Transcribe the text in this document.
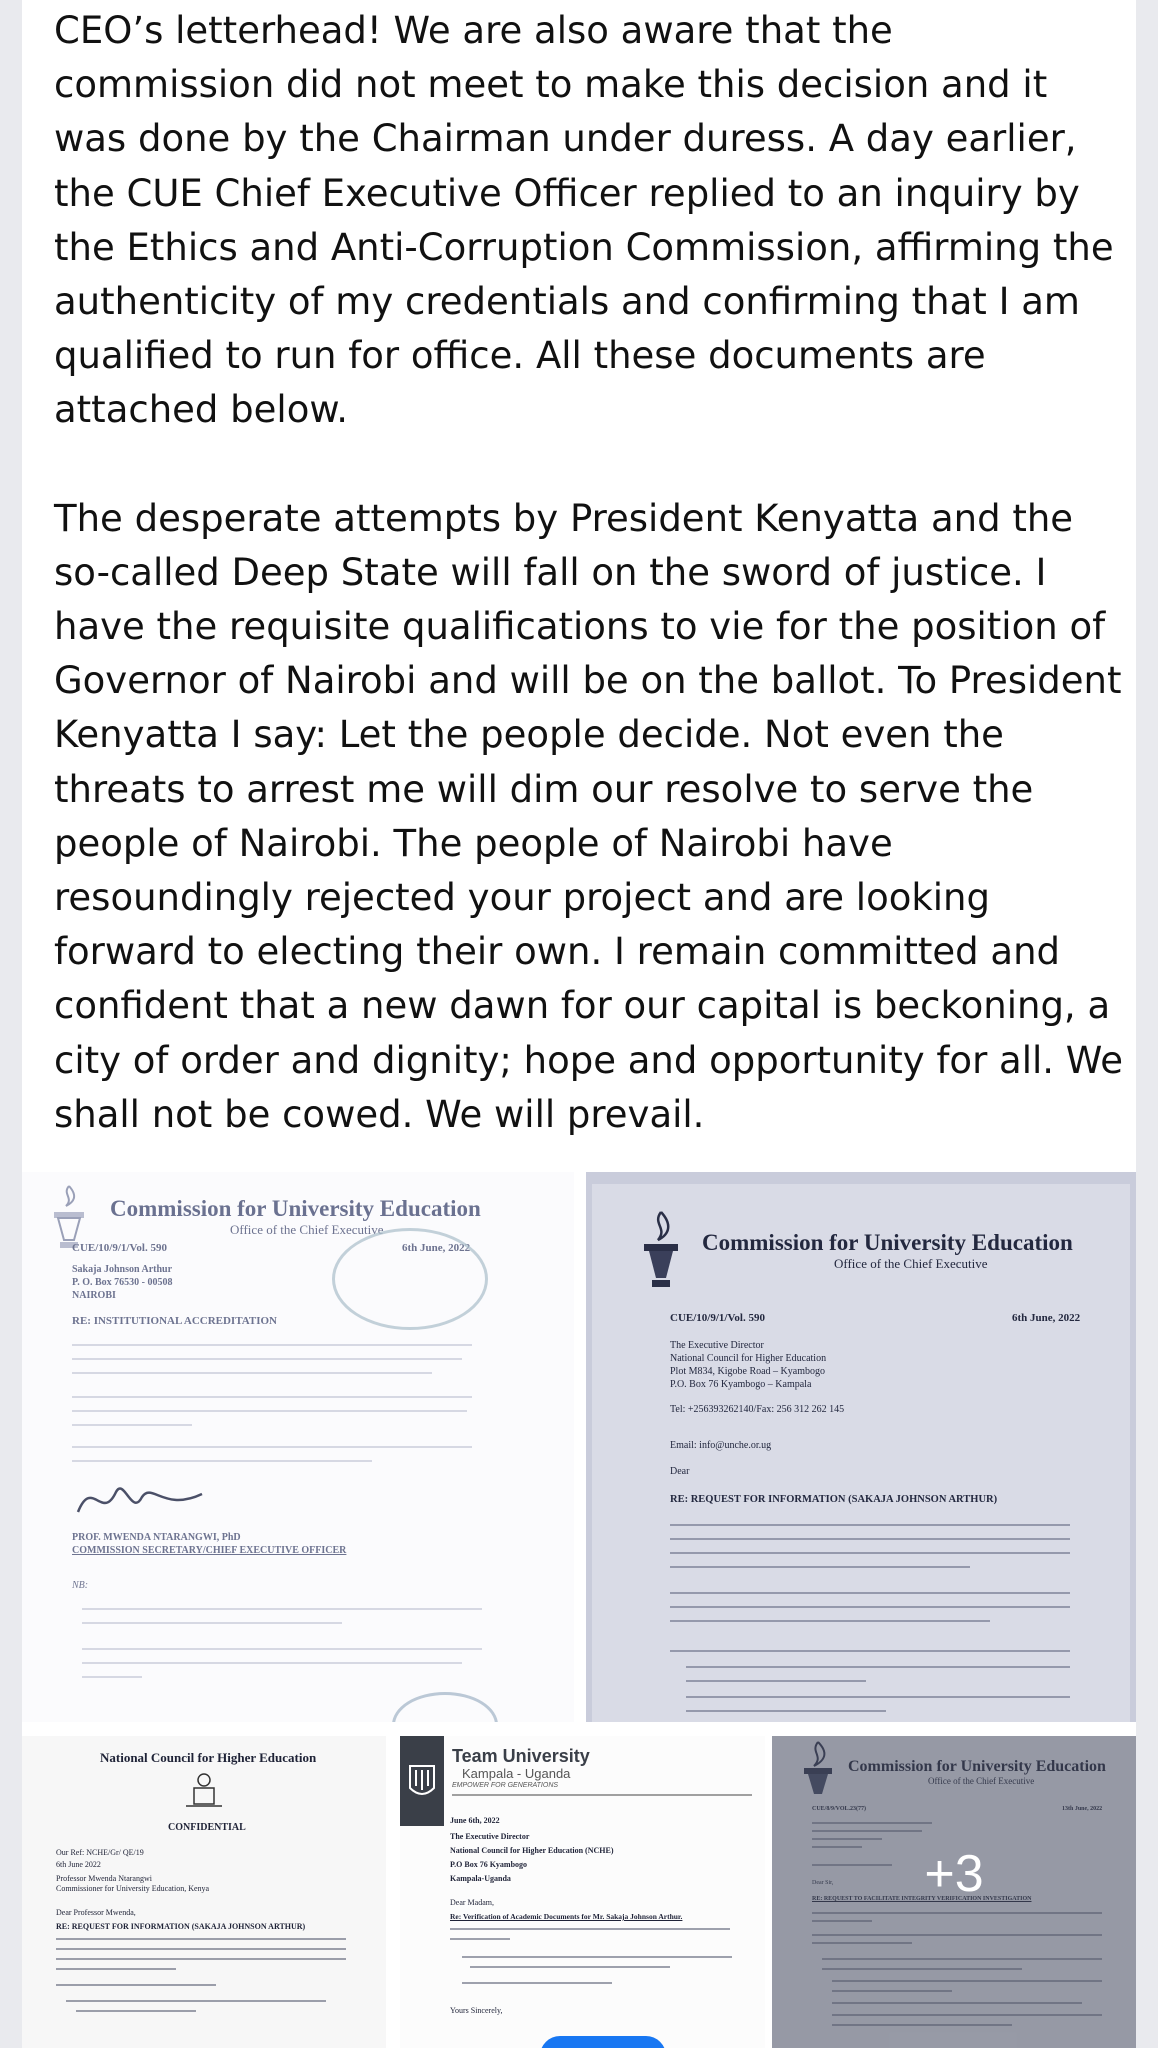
CEO’s letterhead! We are also aware that the commission did not meet to make this decision and it was done by the Chairman under duress. A day earlier, the CUE Chief Executive Officer replied to an inquiry by the Ethics and Anti-Corruption Commission, affirming the authenticity of my credentials and confirming that I am qualified to run for office. All these documents are attached below.

The desperate attempts by President Kenyatta and the so-called Deep State will fall on the sword of justice. I have the requisite qualifications to vie for the position of Governor of Nairobi and will be on the ballot. To President Kenyatta I say: Let the people decide. Not even the threats to arrest me will dim our resolve to serve the people of Nairobi. The people of Nairobi have resoundingly rejected your project and are looking forward to electing their own. I remain committed and confident that a new dawn for our capital is beckoning, a city of order and dignity; hope and opportunity for all. We shall not be cowed. We will prevail.

Commission for University Education
Office of the Chief Executive
CUE/10/9/1/Vol. 590	6th June, 2022
Sakaja Johnson Arthur
P. O. Box 76530 - 00508
NAIROBI
RE: INSTITUTIONAL ACCREDITATION
PROF. MWENDA NTARANGWI, PhD
COMMISSION SECRETARY/CHIEF EXECUTIVE OFFICER
NB:
Commission for University Education
Office of the Chief Executive
CUE/10/9/1/Vol. 590	6th June, 2022
The Executive Director
National Council for Higher Education
Plot M834, Kigobe Road – Kyambogo
P.O. Box 76 Kyambogo – Kampala
Tel: +256393262140/Fax: 256 312 262 145
Email: info@unche.or.ug
Dear
RE: REQUEST FOR INFORMATION (SAKAJA JOHNSON ARTHUR)
National Council for Higher Education
CONFIDENTIAL
Our Ref: NCHE/Gr/ QE/19
6th June 2022
Professor Mwenda Ntarangwi
Commissioner for University Education, Kenya
Dear Professor Mwenda,
RE: REQUEST FOR INFORMATION (SAKAJA JOHNSON ARTHUR)
Team University
Kampala - Uganda
EMPOWER FOR GENERATIONS
June 6th, 2022
The Executive Director
National Council for Higher Education (NCHE)
P.O Box 76 Kyambogo
Kampala-Uganda
Dear Madam,
Re: Verification of Academic Documents for Mr. Sakaja Johnson Arthur.
Yours Sincerely,
Commission for University Education
Office of the Chief Executive
CUE/8/9/VOL.23(77)	13th June, 2022
Dear Sir,
RE: REQUEST TO FACILITATE INTEGRITY VERIFICATION INVESTIGATION
+3
